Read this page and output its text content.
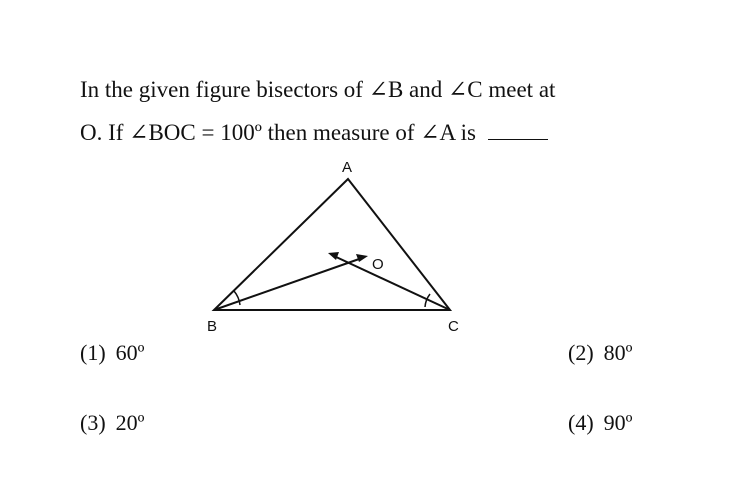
In the given figure bisectors of ∠B and ∠C meet at
O. If ∠BOC = 100º then measure of ∠A is
A
B	C
O
(1) 60º	(2) 80º
(3) 20º	(4) 90º
